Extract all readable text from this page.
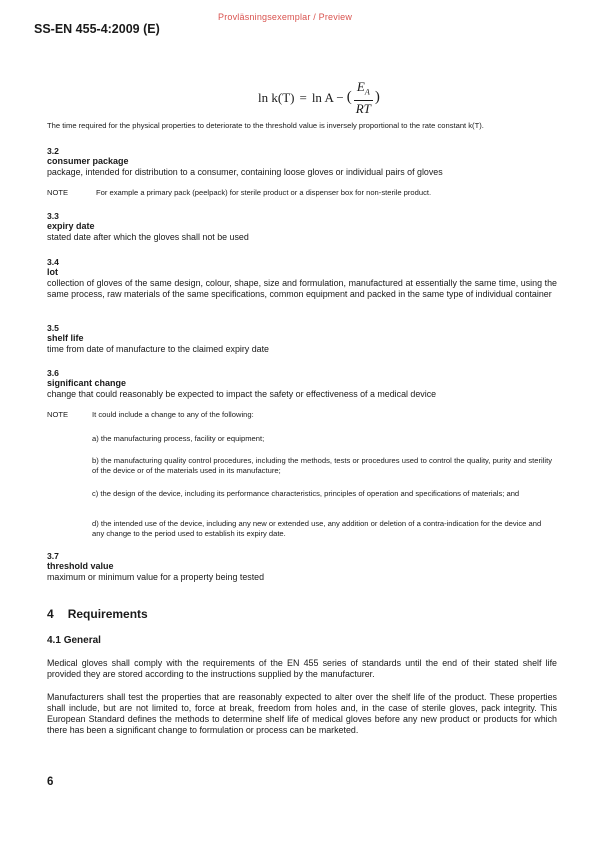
SS-EN 455-4:2009 (E)
Provläsningsexemplar / Preview
ln k(T) = ln A − ( $\frac{E_A}{RT}$ )
The time required for the physical properties to deteriorate to the threshold value is inversely proportional to the rate constant k(T).
3.2
consumer package
package, intended for distribution to a consumer, containing loose gloves or individual pairs of gloves
NOTE	For example a primary pack (peelpack) for sterile product or a dispenser box for non-sterile product.
3.3
expiry date
stated date after which the gloves shall not be used
3.4
lot
collection of gloves of the same design, colour, shape, size and formulation, manufactured at essentially the same time, using the same process, raw materials of the same specifications, common equipment and packed in the same type of individual container
3.5
shelf life
time from date of manufacture to the claimed expiry date
3.6
significant change
change that could reasonably be expected to impact the safety or effectiveness of a medical device
NOTE	It could include a change to any of the following:
a) the manufacturing process, facility or equipment;
b) the manufacturing quality control procedures, including the methods, tests or procedures used to control the quality, purity and sterility of the device or of the materials used in its manufacture;
c) the design of the device, including its performance characteristics, principles of operation and specifications of materials; and
d) the intended use of the device, including any new or extended use, any addition or deletion of a contra-indication for the device and any change to the period used to establish its expiry date.
3.7
threshold value
maximum or minimum value for a property being tested
4 Requirements
4.1 General
Medical gloves shall comply with the requirements of the EN 455 series of standards until the end of their stated shelf life provided they are stored according to the instructions supplied by the manufacturer.
Manufacturers shall test the properties that are reasonably expected to alter over the shelf life of the product. These properties shall include, but are not limited to, force at break, freedom from holes and, in the case of sterile gloves, pack integrity. This European Standard defines the methods to determine shelf life of medical gloves before any new product or products for which there has been a significant change to formulation or process can be marketed.
6
